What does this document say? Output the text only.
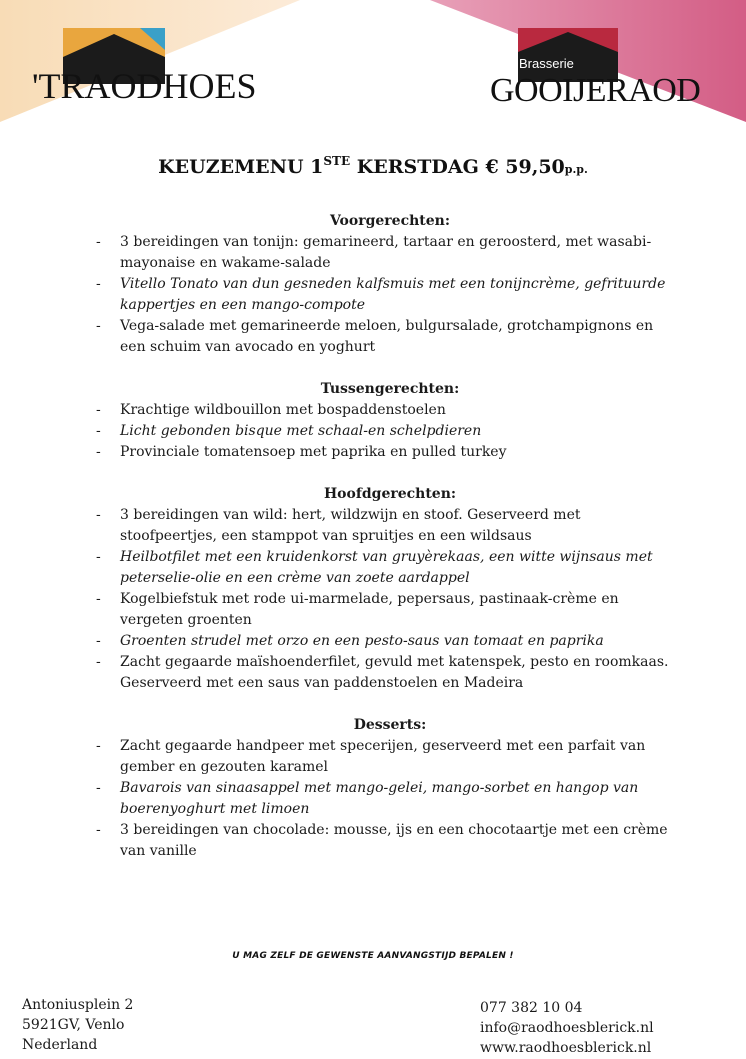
'TRAODHOES
Brasserie
GOOIJERAOD
KEUZEMENU 1STE KERSTDAG € 59,50p.p.
Voorgerechten:
- 3 bereidingen van tonijn: gemarineerd, tartaar en geroosterd, met wasabi-mayonaise en wakame-salade
- Vitello Tonato van dun gesneden kalfsmuis met een tonijncrème, gefrituurde kappertjes en een mango-compote
- Vega-salade met gemarineerde meloen, bulgursalade, grotchampignons en een schuim van avocado en yoghurt
Tussengerechten:
- Krachtige wildbouillon met bospaddenstoelen
- Licht gebonden bisque met schaal-en schelpdieren
- Provinciale tomatensoep met paprika en pulled turkey
Hoofdgerechten:
- 3 bereidingen van wild: hert, wildzwijn en stoof. Geserveerd met stoofpeertjes, een stamppot van spruitjes en een wildsaus
- Heilbotfilet met een kruidenkorst van gruyèrekaas, een witte wijnsaus met peterselie-olie en een crème van zoete aardappel
- Kogelbiefstuk met rode ui-marmelade, pepersaus, pastinaak-crème en vergeten groenten
- Groenten strudel met orzo en een pesto-saus van tomaat en paprika
- Zacht gegaarde maïshoenderfilet, gevuld met katenspek, pesto en roomkaas. Geserveerd met een saus van paddenstoelen en Madeira
Desserts:
- Zacht gegaarde handpeer met specerijen, geserveerd met een parfait van gember en gezouten karamel
- Bavarois van sinaasappel met mango-gelei, mango-sorbet en hangop van boerenyoghurt met limoen
- 3 bereidingen van chocolade: mousse, ijs en een chocotaartje met een crème van vanille
U MAG ZELF DE GEWENSTE AANVANGSTIJD BEPALEN !
Antoniusplein 2
5921GV, Venlo
Nederland
077 382 10 04
info@raodhoesblerick.nl
www.raodhoesblerick.nl
